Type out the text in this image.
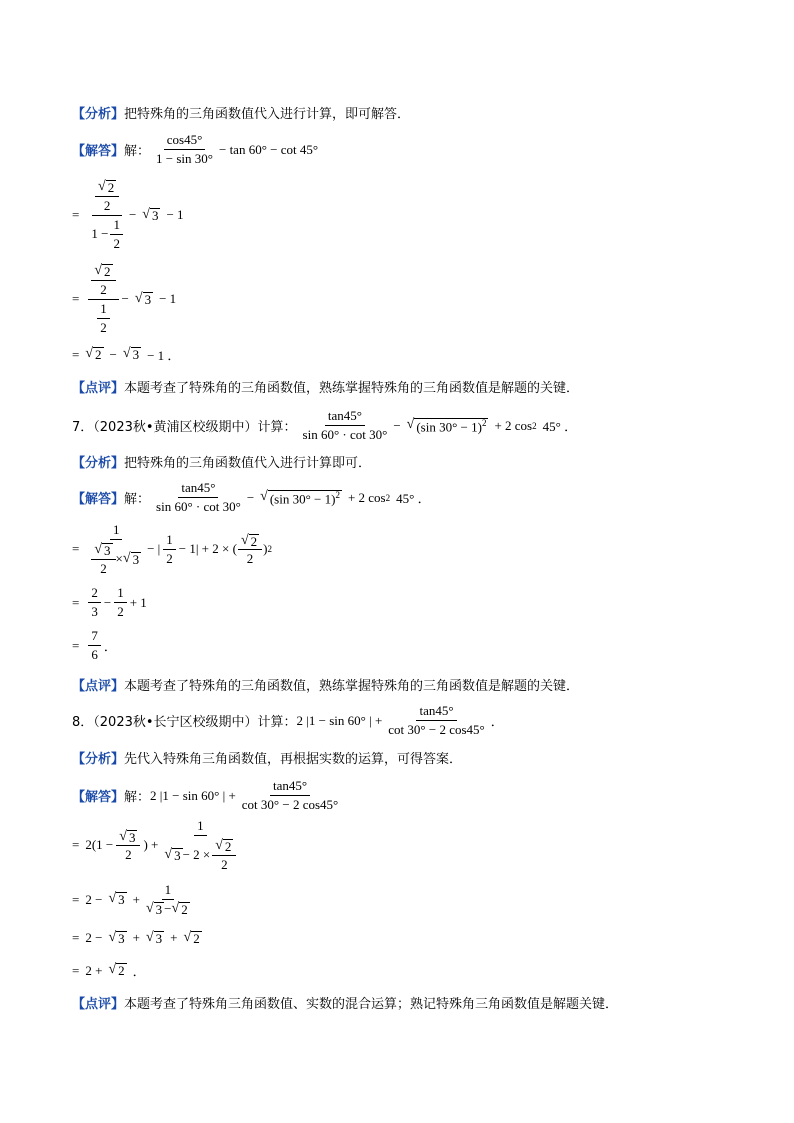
【分析】 把特殊角的三角函数值代入进行计算，即可解答．
【解答】 解： $\frac{\cos 45^\circ}{1 - \sin 30^\circ} - \tan 60^\circ - \cot 45^\circ$
= $\frac{\frac{√ 2}{2}}{1 - \frac{1}{2}}$ − √ 3 − 1
= $\frac{\frac{√ 2}{2}}{\frac{1}{2}}$ − √ 3 − 1
= √ 2 − √ 3 − 1 ．
【点评】 本题考查了特殊角的三角函数值，熟练掌握特殊角的三角函数值是解题的关键．
7．（2023秋•黄浦区校级期中）计算： $\frac{\tan 45^\circ}{\sin 60^\circ \cdot \cot 30^\circ}$ − √ (sin 30° − 1)$^2$ + 2 cos 2 45° ．
【分析】 把特殊角的三角函数值代入进行计算即可．
【解答】 解： $\frac{\tan 45^\circ}{\sin 60^\circ \cdot \cot 30^\circ}$ − √ (sin 30° − 1)$^2$ + 2 cos 2 45° ．
= $\frac{1}{\frac{√ 3}{2} \times √ 3}$ − | $\frac{1}{2} - 1| + 2$ × ( $\frac{√ 2}{2}$ ) 2
= $\frac{2}{3} - \frac{1}{2} + 1$
= $\frac{7}{6}$ ．
【点评】 本题考查了特殊角的三角函数值，熟练掌握特殊角的三角函数值是解题的关键．
8．（2023秋•长宁区校级期中）计算： 2 |1 − sin 60° | + $\frac{\tan 45^\circ}{\cot 30^\circ - 2 \cos 45^\circ}$ ．
【分析】 先代入特殊角三角函数值，再根据实数的运算，可得答案．
【解答】 解： 2 |1 − sin 60° | + $\frac{\tan 45^\circ}{\cot 30^\circ - 2 \cos 45^\circ}$
= $2(1 - \frac{√ 3}{2}$ ) + $\frac{1}{√ 3 - 2 \times \frac{√ 2}{2}}$
= 2 − √ $3 + \frac{1}{√ 3 - √ 2}$
= 2 − √ 3 + √ 3 + √ 2
= 2 + √ 2 ．
【点评】 本题考查了特殊角三角函数值、实数的混合运算；熟记特殊角三角函数值是解题关键．
